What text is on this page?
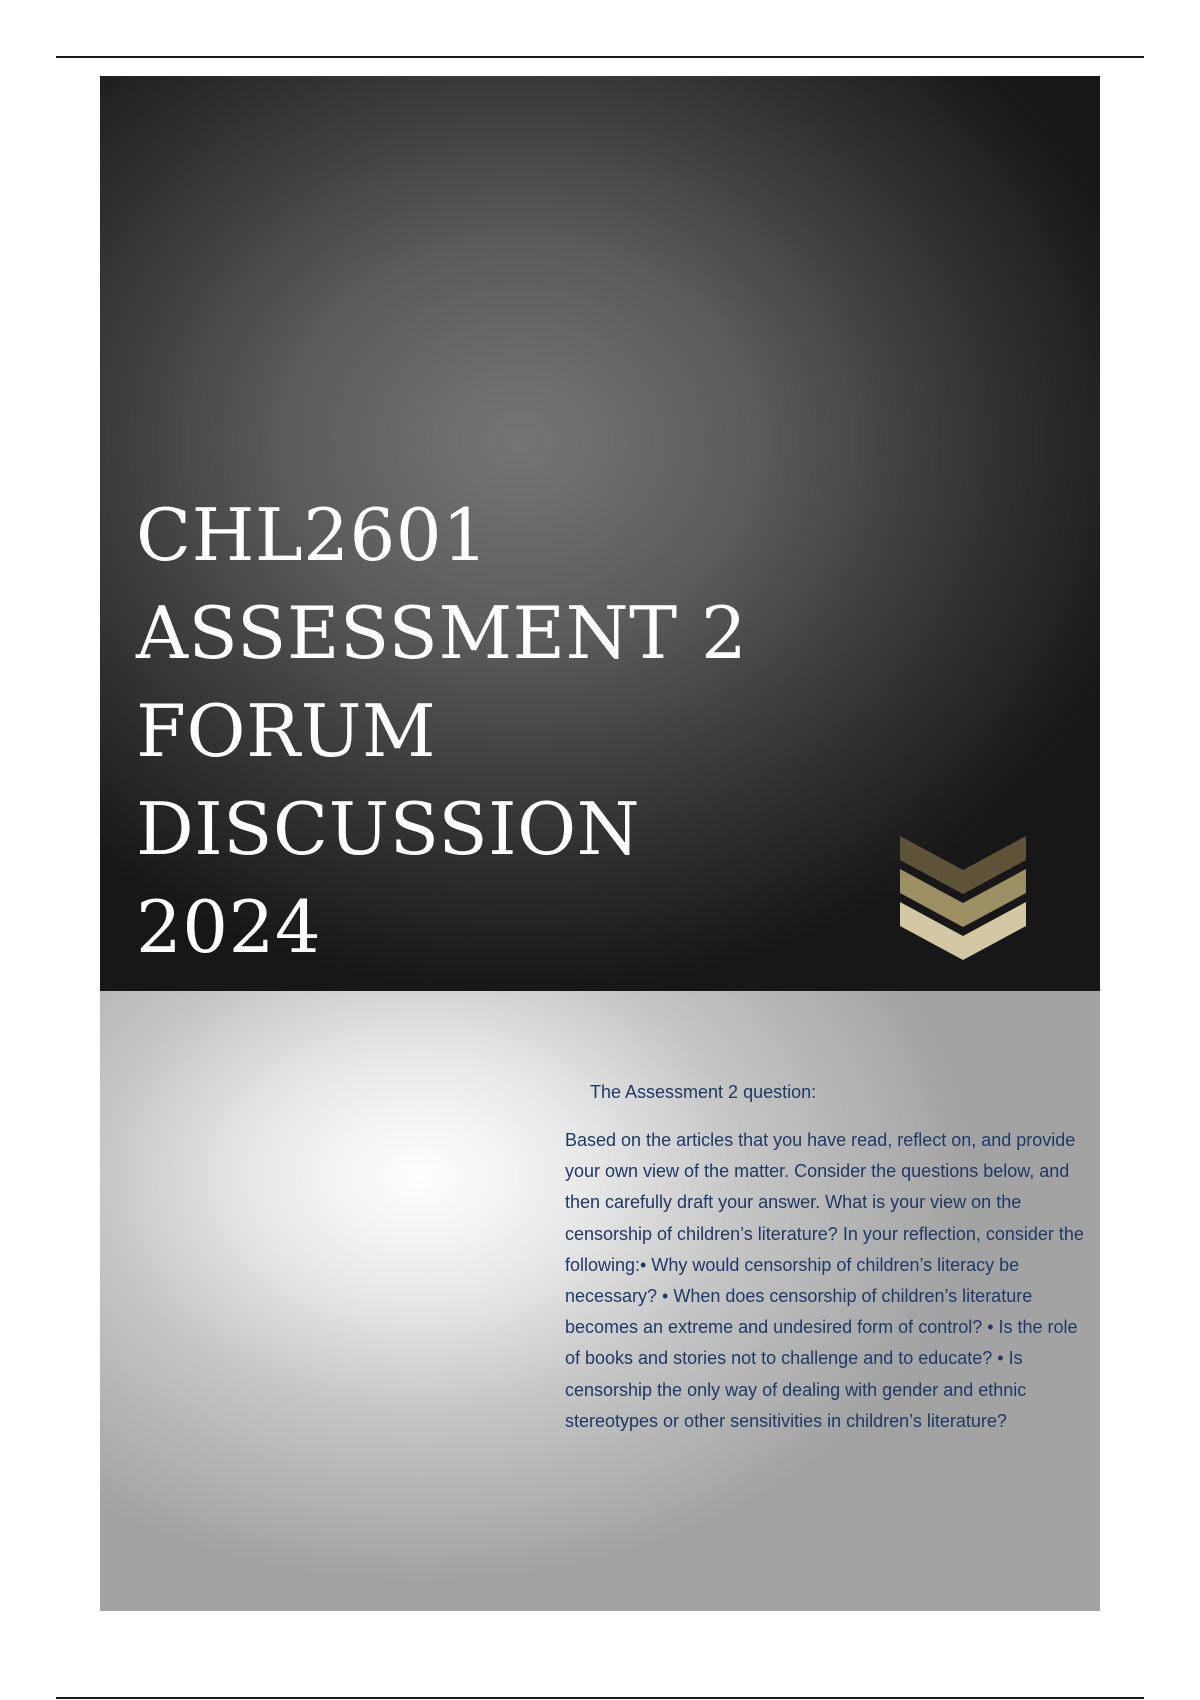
CHL2601
ASSESSMENT 2
FORUM
DISCUSSION
2024

The Assessment 2 question:

Based on the articles that you have read, reflect on, and provide your own view of the matter. Consider the questions below, and then carefully draft your answer. What is your view on the censorship of children’s literature? In your reflection, consider the following:• Why would censorship of children’s literacy be necessary? • When does censorship of children’s literature becomes an extreme and undesired form of control? • Is the role of books and stories not to challenge and to educate? • Is censorship the only way of dealing with gender and ethnic stereotypes or other sensitivities in children’s literature?
